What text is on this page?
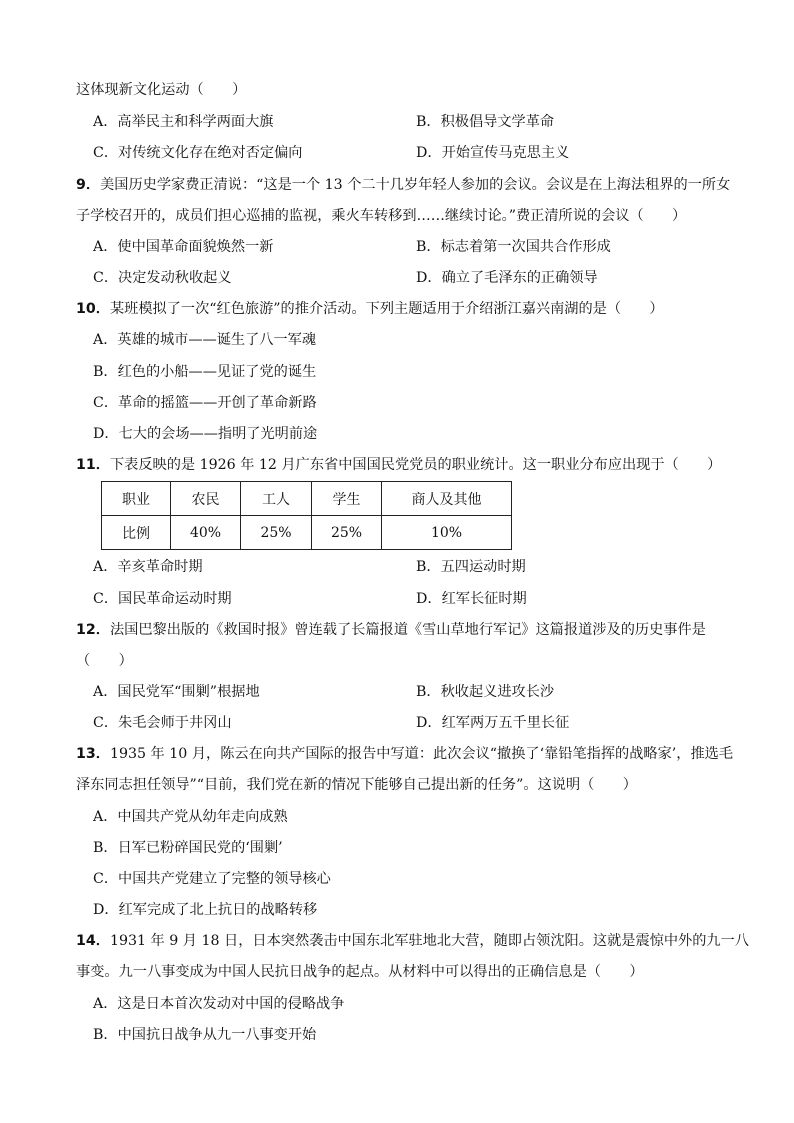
这体现新文化运动（　　）
A．高举民主和科学两面大旗	B．积极倡导文学革命
C．对传统文化存在绝对否定偏向	D．开始宣传马克思主义
9．美国历史学家费正清说：“这是一个 13 个二十几岁年轻人参加的会议。会议是在上海法租界的一所女
子学校召开的，成员们担心巡捕的监视，乘火车转移到……继续讨论。”费正清所说的会议（　　）
A．使中国革命面貌焕然一新	B．标志着第一次国共合作形成
C．决定发动秋收起义	D．确立了毛泽东的正确领导
10．某班模拟了一次“红色旅游”的推介活动。下列主题适用于介绍浙江嘉兴南湖的是（　　）
A．英雄的城市——诞生了八一军魂
B．红色的小船——见证了党的诞生
C．革命的摇篮——开创了革命新路
D．七大的会场——指明了光明前途
11．下表反映的是 1926 年 12 月广东省中国国民党党员的职业统计。这一职业分布应出现于（　　）
职业	农民	工人	学生	商人及其他
比例	40%	25%	25%	10%
A．辛亥革命时期	B．五四运动时期
C．国民革命运动时期	D．红军长征时期
12．法国巴黎出版的《救国时报》曾连载了长篇报道《雪山草地行军记》这篇报道涉及的历史事件是
（　　）
A．国民党军“围剿”根据地	B．秋收起义进攻长沙
C．朱毛会师于井冈山	D．红军两万五千里长征
13．1935 年 10 月，陈云在向共产国际的报告中写道：此次会议“撤换了‘靠铅笔指挥的战略家’，推选毛
泽东同志担任领导”“目前，我们党在新的情况下能够自己提出新的任务”。这说明（　　）
A．中国共产党从幼年走向成熟
B．日军已粉碎国民党的‘围剿’
C．中国共产党建立了完整的领导核心
D．红军完成了北上抗日的战略转移
14．1931 年 9 月 18 日，日本突然袭击中国东北军驻地北大营，随即占领沈阳。这就是震惊中外的九一八
事变。九一八事变成为中国人民抗日战争的起点。从材料中可以得出的正确信息是（　　）
A．这是日本首次发动对中国的侵略战争
B．中国抗日战争从九一八事变开始
